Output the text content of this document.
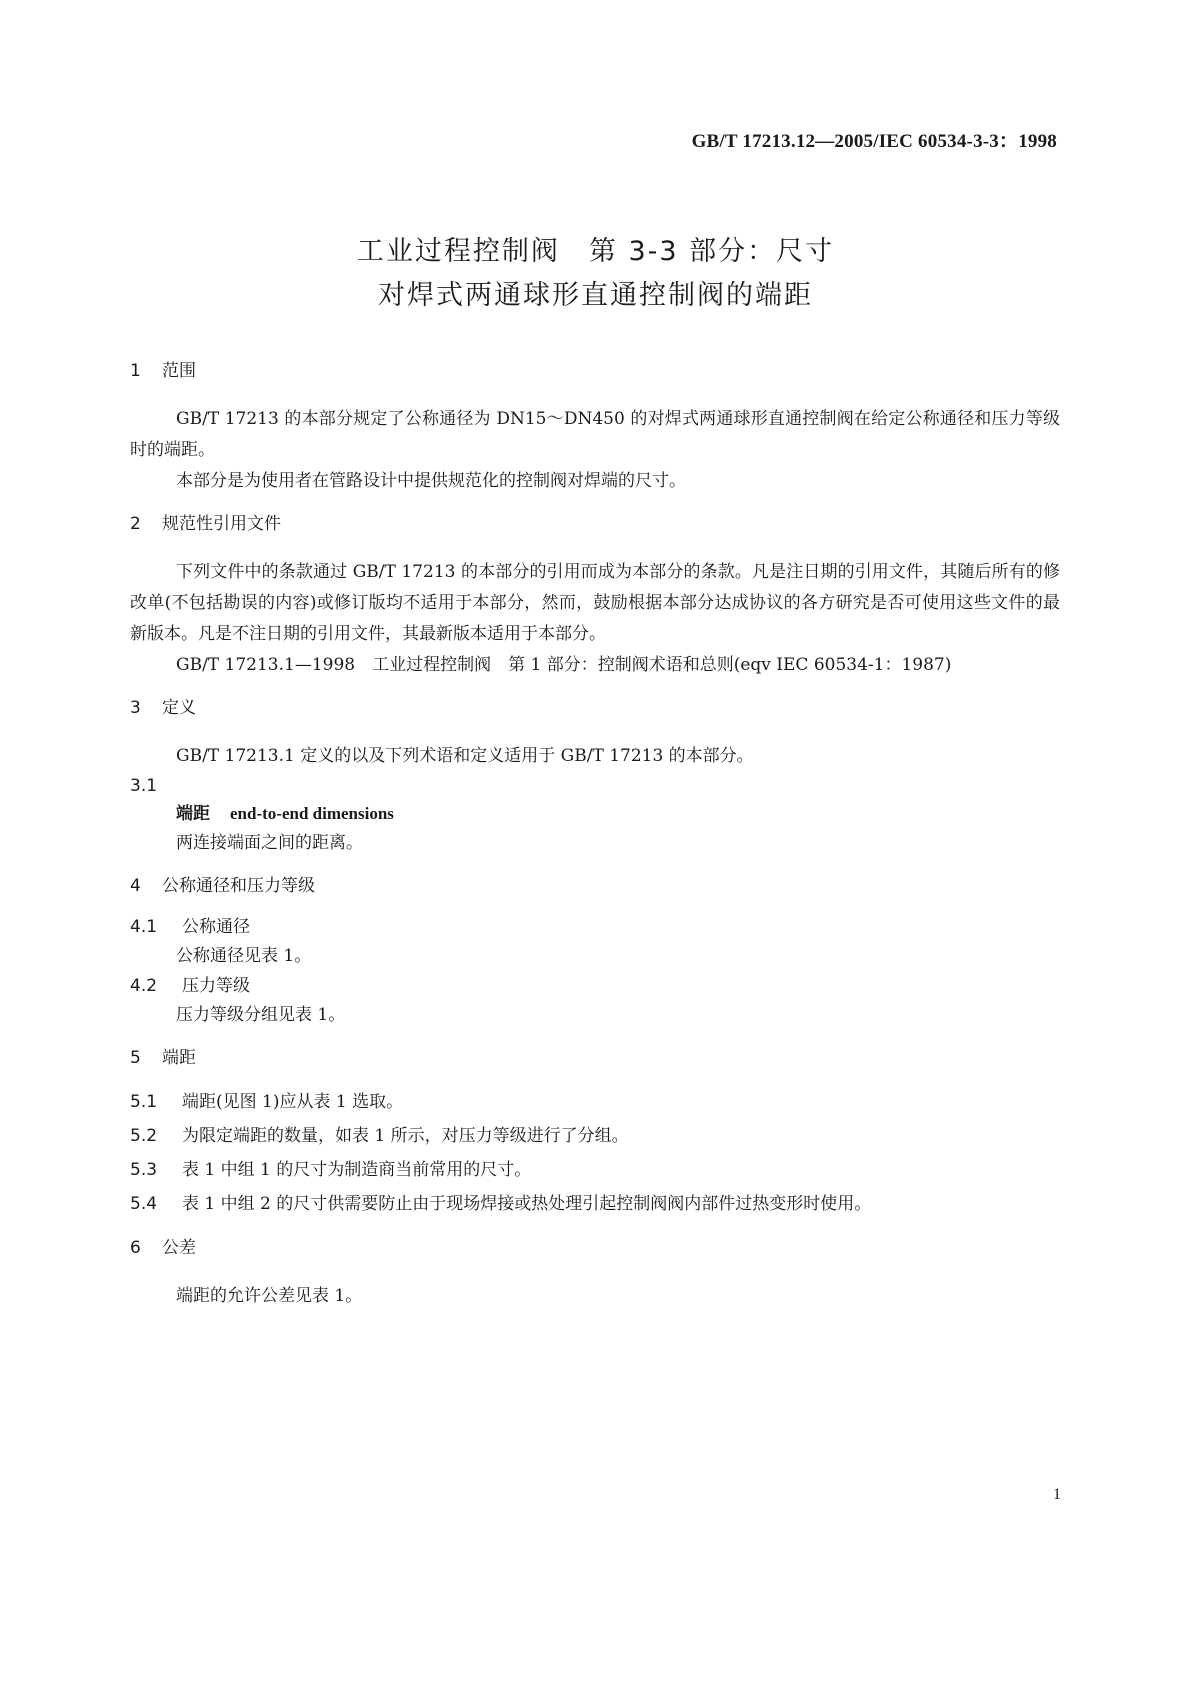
GB/T 17213.12—2005/IEC 60534-3-3：1998
工业过程控制阀　第 3-3 部分：尺寸
对焊式两通球形直通控制阀的端距
1 范围

GB/T 17213 的本部分规定了公称通径为 DN15～DN450 的对焊式两通球形直通控制阀在给定公称通径和压力等级时的端距。

本部分是为使用者在管路设计中提供规范化的控制阀对焊端的尺寸。

2 规范性引用文件

下列文件中的条款通过 GB/T 17213 的本部分的引用而成为本部分的条款。凡是注日期的引用文件，其随后所有的修改单(不包括勘误的内容)或修订版均不适用于本部分，然而，鼓励根据本部分达成协议的各方研究是否可使用这些文件的最新版本。凡是不注日期的引用文件，其最新版本适用于本部分。

GB/T 17213.1—1998　工业过程控制阀　第 1 部分：控制阀术语和总则(eqv IEC 60534-1：1987)

3 定义

GB/T 17213.1 定义的以及下列术语和定义适用于 GB/T 17213 的本部分。

3.1

端距 end-to-end dimensions

两连接端面之间的距离。

4 公称通径和压力等级
4.1 公称通径

公称通径见表 1。

4.2 压力等级

压力等级分组见表 1。

5 端距

5.1 端距(见图 1)应从表 1 选取。

5.2 为限定端距的数量，如表 1 所示，对压力等级进行了分组。

5.3 表 1 中组 1 的尺寸为制造商当前常用的尺寸。

5.4 表 1 中组 2 的尺寸供需要防止由于现场焊接或热处理引起控制阀阀内部件过热变形时使用。

6 公差

端距的允许公差见表 1。

1
